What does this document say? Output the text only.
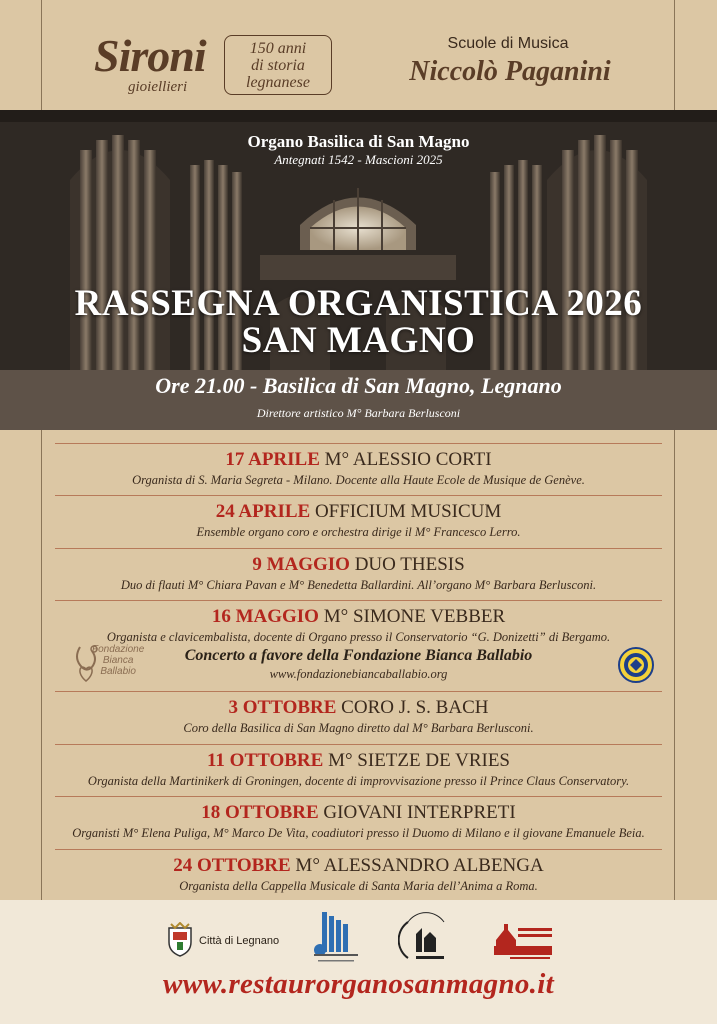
Sironi
gioiellieri
150 anni
di storia
legnanese
Scuole di Musica
Niccolò Paganini
Organo Basilica di San Magno
Antegnati 1542 - Mascioni 2025
RASSEGNA ORGANISTICA 2026
SAN MAGNO
Ore 21.00 - Basilica di San Magno, Legnano
Direttore artistico M° Barbara Berlusconi
17 APRILE M° ALESSIO CORTI
Organista di S. Maria Segreta - Milano. Docente alla Haute Ecole de Musique de Genève.
24 APRILE OFFICIUM MUSICUM
Ensemble organo coro e orchestra dirige il M° Francesco Lerro.
9 MAGGIO DUO THESIS
Duo di flauti M° Chiara Pavan e M° Benedetta Ballardini. All’organo M° Barbara Berlusconi.
16 MAGGIO M° SIMONE VEBBER
Organista e clavicembalista, docente di Organo presso il Conservatorio “G. Donizetti” di Bergamo.
Concerto a favore della Fondazione Bianca Ballabio
www.fondazionebiancaballabio.org
Fondazione
Bianca
Ballabio
3 OTTOBRE CORO J. S. BACH
Coro della Basilica di San Magno diretto dal M° Barbara Berlusconi.
11 OTTOBRE M° SIETZE DE VRIES
Organista della Martinikerk di Groningen, docente di improvvisazione presso il Prince Claus Conservatory.
18 OTTOBRE GIOVANI INTERPRETI
Organisti M° Elena Puliga, M° Marco De Vita, coadiutori presso il Duomo di Milano e il giovane Emanuele Beia.
24 OTTOBRE M° ALESSANDRO ALBENGA
Organista della Cappella Musicale di Santa Maria dell’Anima a Roma.
Città di Legnano
www.restaurorganosanmagno.it
